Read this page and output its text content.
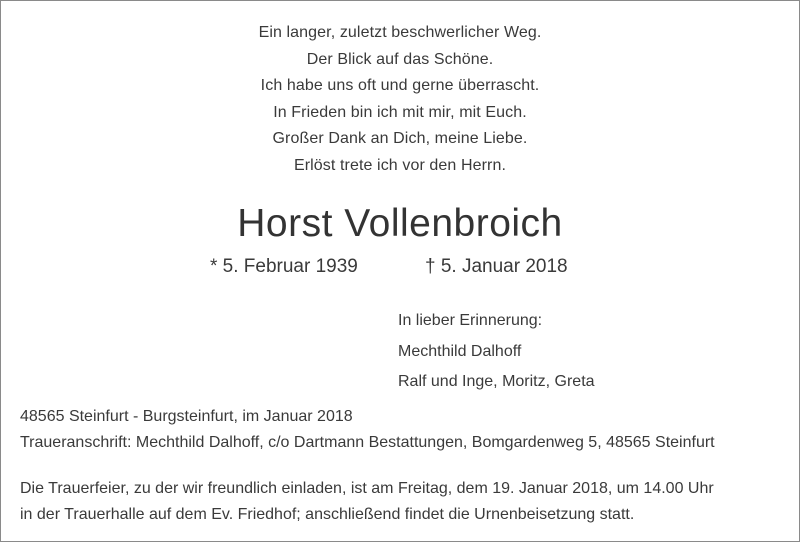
Ein langer, zuletzt beschwerlicher Weg.
Der Blick auf das Schöne.
Ich habe uns oft und gerne überrascht.
In Frieden bin ich mit mir, mit Euch.
Großer Dank an Dich, meine Liebe.
Erlöst trete ich vor den Herrn.
Horst Vollenbroich
* 5. Februar 1939	† 5. Januar 2018
In lieber Erinnerung:
Mechthild Dalhoff
Ralf und Inge, Moritz, Greta
48565 Steinfurt - Burgsteinfurt, im Januar 2018
Traueranschrift: Mechthild Dalhoff, c/o Dartmann Bestattungen, Bomgardenweg 5, 48565 Steinfurt
Die Trauerfeier, zu der wir freundlich einladen, ist am Freitag, dem 19. Januar 2018, um 14.00 Uhr
in der Trauerhalle auf dem Ev. Friedhof; anschließend findet die Urnenbeisetzung statt.
